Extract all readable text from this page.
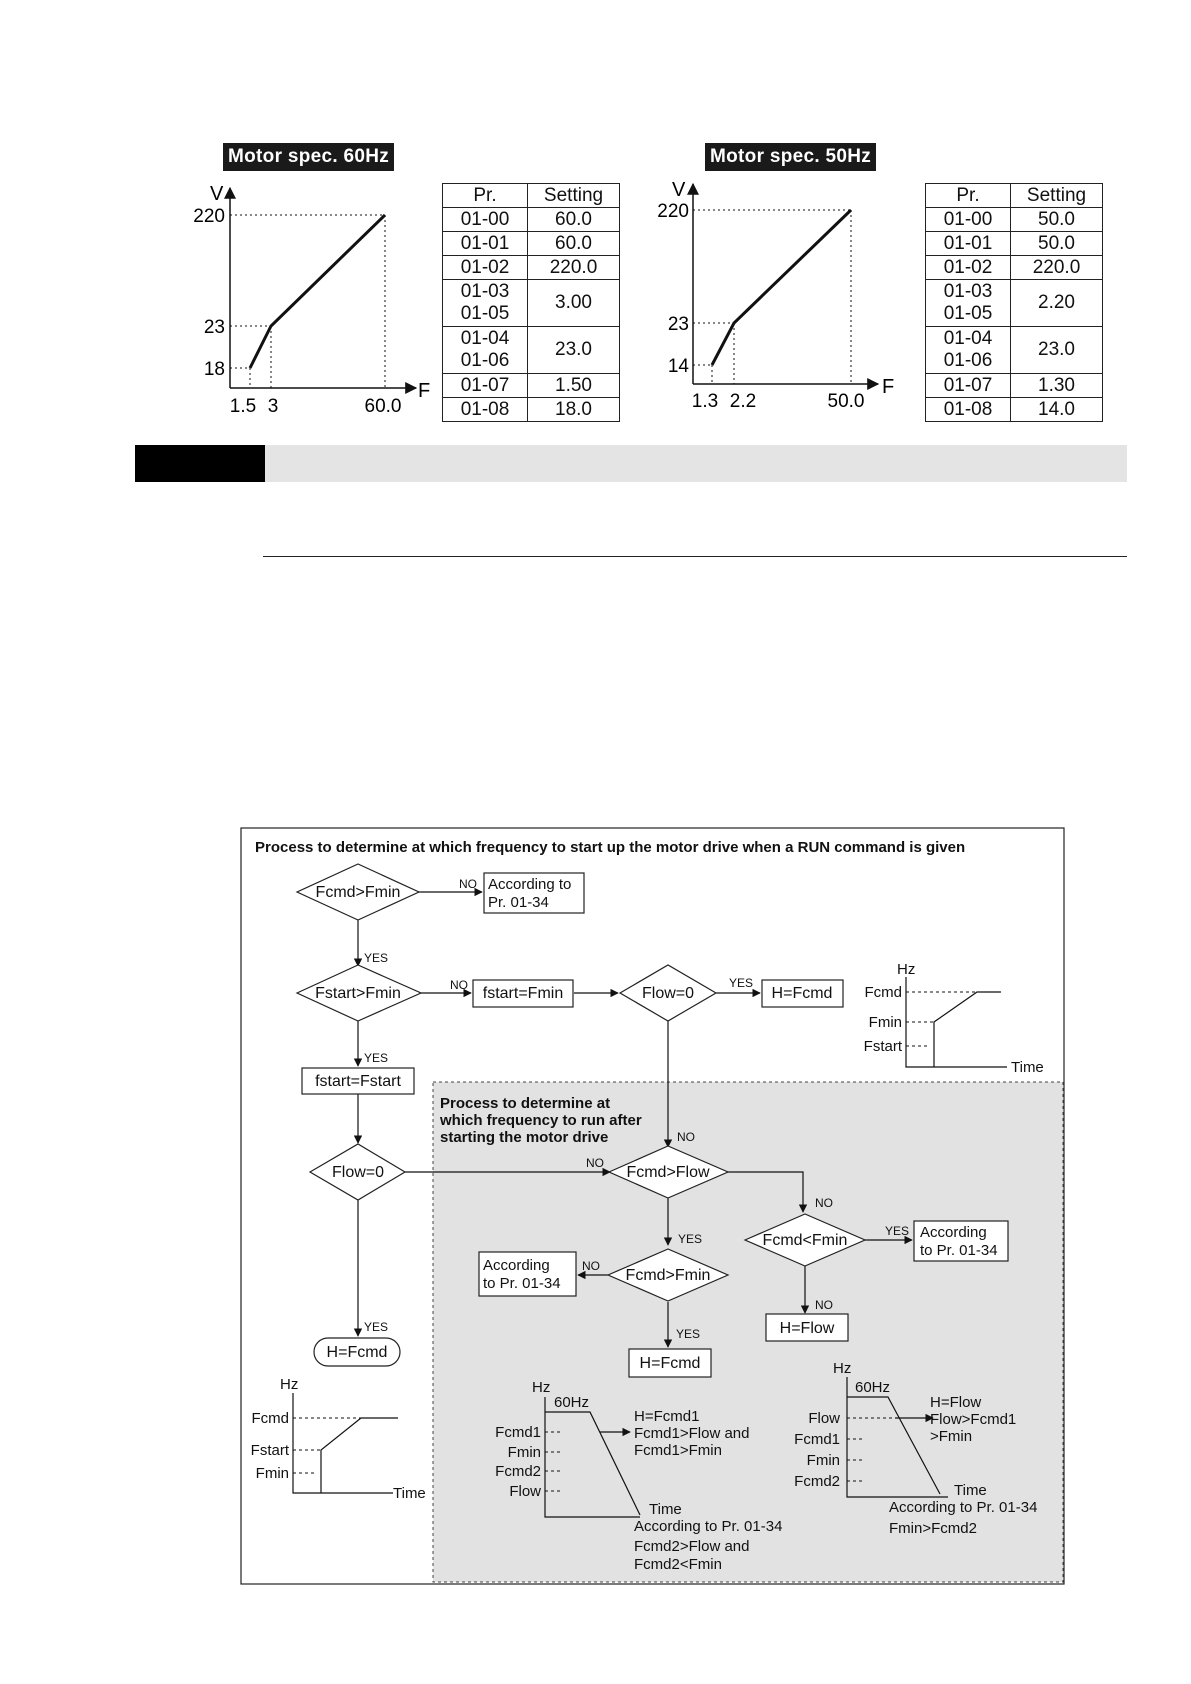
Motor spec. 60Hz
V
F
220
23
18
1.5 3	60.0
Pr.	Setting
01-00	60.0
01-01	60.0
01-02	220.0
01-03
01-05	3.00
01-04
01-06	23.0
01-07	1.50
01-08	18.0
Motor spec. 50Hz
V
F
220
23
14
1.3 2.2	50.0
Pr.	Setting
01-00	50.0
01-01	50.0
01-02	220.0
01-03
01-05	2.20
01-04
01-06	23.0
01-07	1.30
01-08	14.0
Process to determine at which frequency to start up the motor drive when a RUN command is given
Process to determine at
which frequency to run after
starting the motor drive
Fcmd>Fmin
Fstart>Fmin	Flow=0
Flow=0	Fcmd>Flow
Fcmd<Fmin
Fcmd>Fmin
fstart=Fmin	H=Fcmd
fstart=Fstart
H=Flow
H=Fcmd
H=Fcmd
According to
Pr. 01-34
According
to Pr. 01-34
According
to Pr. 01-34
NO
YES
NO	YES
YES
NO
NO
NO
YES
YES
NO
NO
YES
YES
Hz
Time
Fcmd
Fmin
Fstart
Hz
Time
Fcmd
Fstart
Fmin
Hz
60Hz
Time
Fcmd1
Fmin
Fcmd2
Flow
H=Fcmd1
Fcmd1>Flow and
Fcmd1>Fmin
According to Pr. 01-34
Fcmd2>Flow and
Fcmd2<Fmin
Hz
60Hz
Time
Flow
Fcmd1
Fmin
Fcmd2
H=Flow
Flow>Fcmd1
>Fmin
According to Pr. 01-34
Fmin>Fcmd2
